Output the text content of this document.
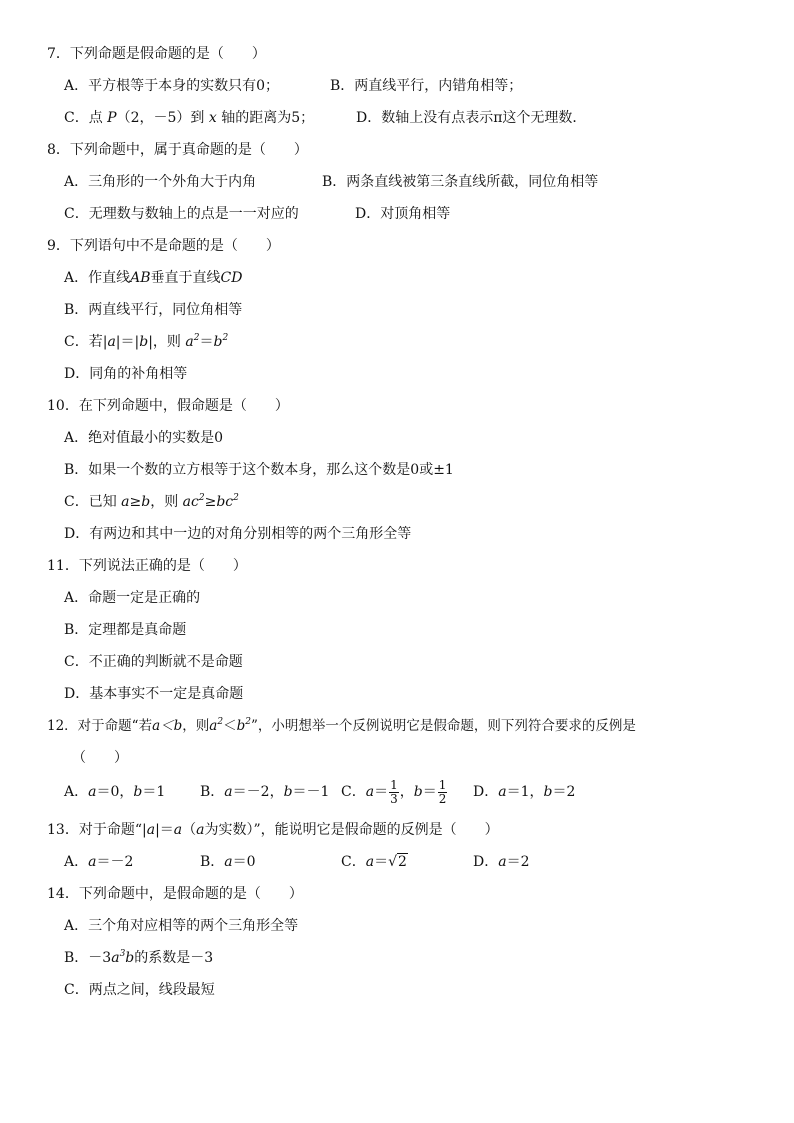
7．下列命题是假命题的是（　　）
A．平方根等于本身的实数只有0；	B．两直线平行，内错角相等；
C．点 P（2，－5）到 x 轴的距离为5；	D．数轴上没有点表示π这个无理数．
8．下列命题中，属于真命题的是（　　）
A．三角形的一个外角大于内角	B．两条直线被第三条直线所截，同位角相等
C．无理数与数轴上的点是一一对应的	D．对顶角相等
9．下列语句中不是命题的是（　　）
A．作直线AB垂直于直线CD
B．两直线平行，同位角相等
C．若|a|＝|b|，则 $a^2=b^2$
D．同角的补角相等
10．在下列命题中，假命题是（　　）
A．绝对值最小的实数是0
B．如果一个数的立方根等于这个数本身，那么这个数是0或±1
C．已知 a≥b，则 $ac^2\ge bc^2$
D．有两边和其中一边的对角分别相等的两个三角形全等
11．下列说法正确的是（　　）
A．命题一定是正确的
B．定理都是真命题
C．不正确的判断就不是命题
D．基本事实不一定是真命题
12．对于命题“若a＜b，则$a^2<b^2$”，小明想举一个反例说明它是假命题，则下列符合要求的反例是
（　　）
A．a＝0，b＝1 B．a＝－2，b＝－1 C．$a= \frac{1}{3}$ ，$b= \frac{1}{2}$ D．a＝1，b＝2
13．对于命题“|a|＝a（a为实数）”，能说明它是假命题的反例是（　　）
A．a＝－2	B．a＝0	C．a＝√2	D．a＝2
14．下列命题中，是假命题的是（　　）
A．三个角对应相等的两个三角形全等
B．$-3a^3b$的系数是－3
C．两点之间，线段最短
